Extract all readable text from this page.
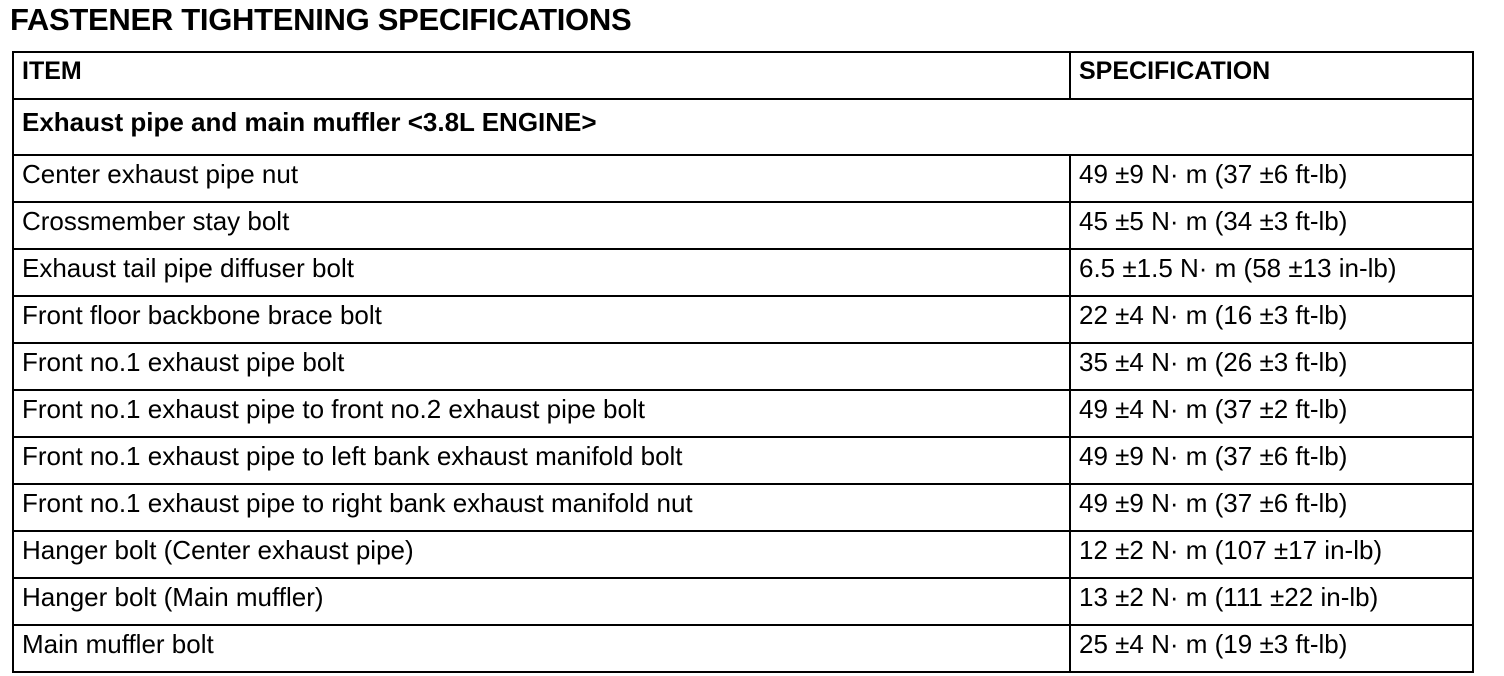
FASTENER TIGHTENING SPECIFICATIONS
ITEM	SPECIFICATION
Exhaust pipe and main muffler <3.8L ENGINE>	
Center exhaust pipe nut	49 ±9 N· m (37 ±6 ft-lb)
Crossmember stay bolt	45 ±5 N· m (34 ±3 ft-lb)
Exhaust tail pipe diffuser bolt	6.5 ±1.5 N· m (58 ±13 in-lb)
Front floor backbone brace bolt	22 ±4 N· m (16 ±3 ft-lb)
Front no.1 exhaust pipe bolt	35 ±4 N· m (26 ±3 ft-lb)
Front no.1 exhaust pipe to front no.2 exhaust pipe bolt	49 ±4 N· m (37 ±2 ft-lb)
Front no.1 exhaust pipe to left bank exhaust manifold bolt	49 ±9 N· m (37 ±6 ft-lb)
Front no.1 exhaust pipe to right bank exhaust manifold nut	49 ±9 N· m (37 ±6 ft-lb)
Hanger bolt (Center exhaust pipe)	12 ±2 N· m (107 ±17 in-lb)
Hanger bolt (Main muffler)	13 ±2 N· m (111 ±22 in-lb)
Main muffler bolt	25 ±4 N· m (19 ±3 ft-lb)
